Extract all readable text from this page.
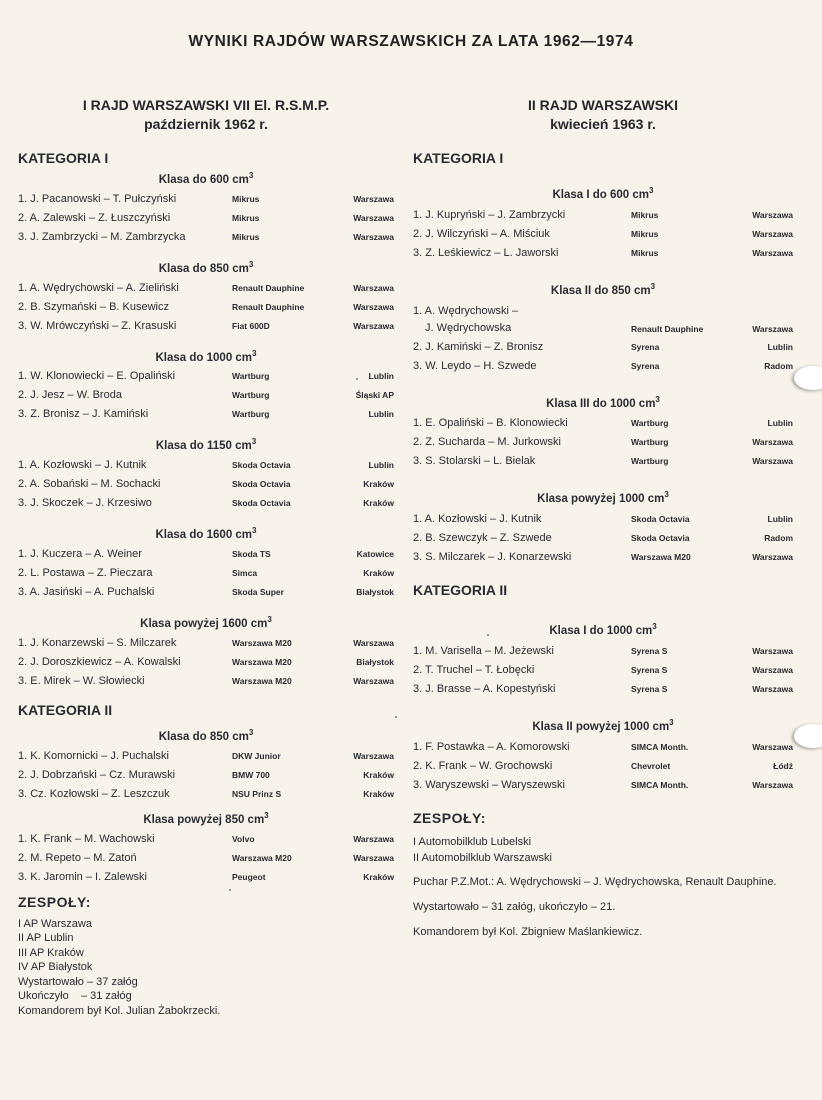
WYNIKI RAJDÓW WARSZAWSKICH ZA LATA 1962—1974
I RAJD WARSZAWSKI VII El. R.S.M.P.
październik 1962 r.
KATEGORIA I
Klasa do 600 $cm^3$
1. J. Pacanowski – T. Pułczyński	Mikrus	Warszawa
2. A. Zalewski – Z. Łuszczyński	Mikrus	Warszawa
3. J. Zambrzycki – M. Zambrzycka	Mikrus	Warszawa
Klasa do 850 $cm^3$
1. A. Wędrychowski – A. Zieliński	Renault Dauphine	Warszawa
2. B. Szymański – B. Kusewicz	Renault Dauphine	Warszawa
3. W. Mrówczyński – Z. Krasuski	Fiat 600D	Warszawa
Klasa do 1000 $cm^3$
1. W. Klonowiecki – E. Opaliński	Wartburg	Lublin
2. J. Jesz – W. Broda	Wartburg	Śląski AP
3. Z. Bronisz – J. Kamiński	Wartburg	Lublin
Klasa do 1150 $cm^3$
1. A. Kozłowski – J. Kutnik	Skoda Octavia	Lublin
2. A. Sobański – M. Sochacki	Skoda Octavia	Kraków
3. J. Skoczek – J. Krzesiwo	Skoda Octavia	Kraków
Klasa do 1600 $cm^3$
1. J. Kuczera – A. Weiner	Skoda TS	Katowice
2. L. Postawa – Z. Pieczara	Simca	Kraków
3. A. Jasiński – A. Puchalski	Skoda Super	Białystok
Klasa powyżej 1600 $cm^3$
1. J. Konarzewski – S. Milczarek	Warszawa M20	Warszawa
2. J. Doroszkiewicz – A. Kowalski	Warszawa M20	Białystok
3. E. Mirek – W. Słowiecki	Warszawa M20	Warszawa
KATEGORIA II
Klasa do 850 $cm^3$
1. K. Komornicki – J. Puchalski	DKW Junior	Warszawa
2. J. Dobrzański – Cz. Murawski	BMW 700	Kraków
3. Cz. Kozłowski – Z. Leszczuk	NSU Prinz S	Kraków
Klasa powyżej 850 $cm^3$
1. K. Frank – M. Wachowski	Volvo	Warszawa
2. M. Repeto – M. Zatoń	Warszawa M20	Warszawa
3. K. Jaromin – I. Zalewski	Peugeot	Kraków
ZESPOŁY:
I AP Warszawa
II AP Lublin
III AP Kraków
IV AP Białystok
Wystartowało – 37 załóg
Ukończyło    – 31 załóg
Komandorem był Kol. Julian Żabokrzecki.
II RAJD WARSZAWSKI
kwiecień 1963 r.
KATEGORIA I
Klasa I do 600 $cm^3$
1. J. Kupryński – J. Zambrzycki	Mikrus	Warszawa
2. J. Wilczyński – A. Miściuk	Mikrus	Warszawa
3. Z. Leśkiewicz – L. Jaworski	Mikrus	Warszawa
Klasa II do 850 $cm^3$
1. A. Wędrychowski –
J. Wędrychowska	Renault Dauphine	Warszawa
2. J. Kamiński – Z. Bronisz	Syrena	Lublin
3. W. Leydo – H. Szwede	Syrena	Radom
Klasa III do 1000 $cm^3$
1. E. Opaliński – B. Klonowiecki	Wartburg	Lublin
2. Z. Sucharda – M. Jurkowski	Wartburg	Warszawa
3. S. Stolarski – L. Bielak	Wartburg	Warszawa
Klasa powyżej 1000 $cm^3$
1. A. Kozłowski – J. Kutnik	Skoda Octavia	Lublin
2. B. Szewczyk – Z. Szwede	Skoda Octavia	Radom
3. S. Milczarek – J. Konarzewski	Warszawa M20	Warszawa
KATEGORIA II
Klasa I do 1000 $cm^3$
1. M. Varisella – M. Jeżewski	Syrena S	Warszawa
2. T. Truchel – T. Łobęcki	Syrena S	Warszawa
3. J. Brasse – A. Kopestyński	Syrena S	Warszawa
Klasa II powyżej 1000 $cm^3$
1. F. Postawka – A. Komorowski	SIMCA Month.	Warszawa
2. K. Frank – W. Grochowski	Chevrolet	Łódź
3. Waryszewski – Waryszewski	SIMCA Month.	Warszawa
ZESPOŁY:
I Automobilklub Lubelski
II Automobilklub Warszawski
Puchar P.Z.Mot.: A. Wędrychowski – J. Wędrychowska, Renault Dauphine.
Wystartowało – 31 załóg, ukończyło – 21.
Komandorem był Kol. Zbigniew Maślankiewicz.
